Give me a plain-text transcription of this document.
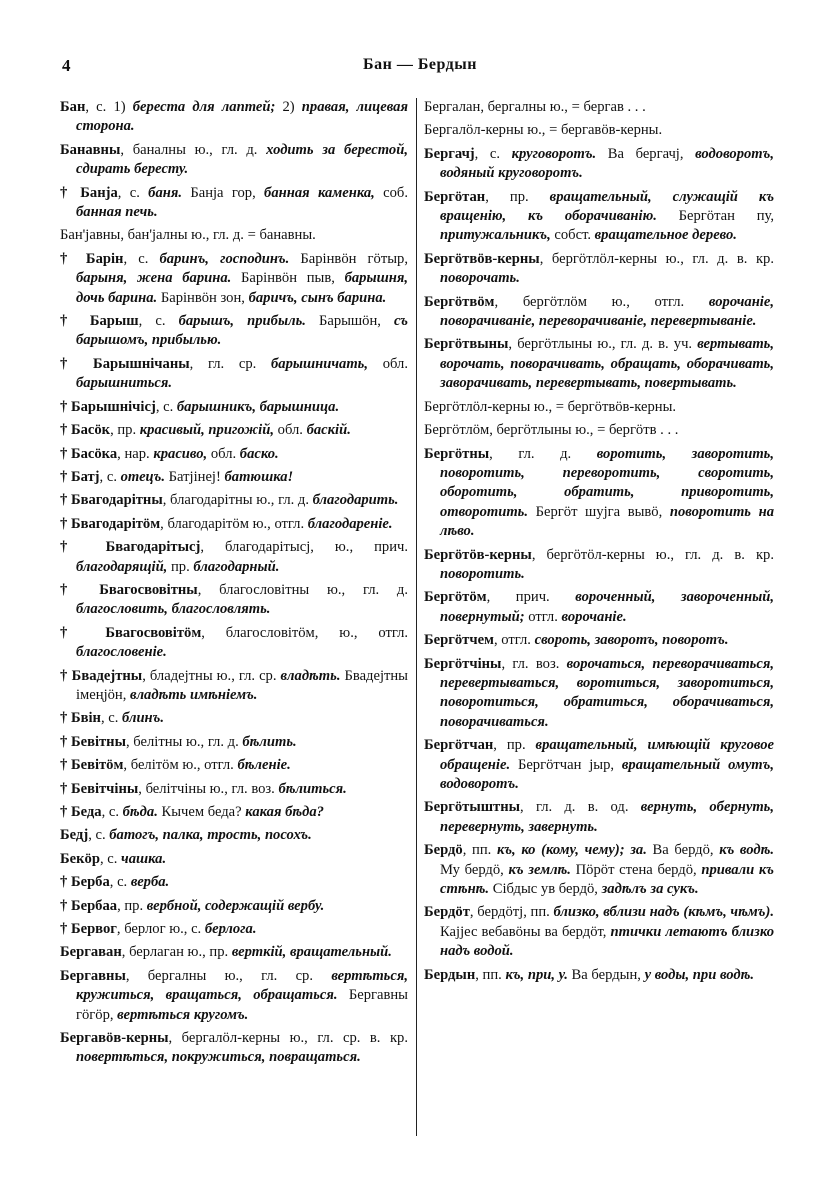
4	Бан — Бердын

Бан, с. 1) береста для лаптей; 2) правая, лицевая сторона.

Банавны, баналны ю., гл. д. ходить за берестой, сдирать бересту.

† Банја, с. баня. Банја гор, банная каменка, соб. банная печь.

Бан'јавны, бан'јалны ю., гл. д. = банавны.

† Барін, с. баринъ, господинъ. Барінвöн гöтыр, барыня, жена барина. Барінвöн пыв, барышня, дочь барина. Барінвöн зон, баричъ, сынъ барина.

† Барыш, с. барышъ, прибыль. Барышöн, съ барышомъ, прибылью.

† Барышнічаны, гл. ср. барышничать, обл. барышниться.

† Барышнічісј, с. барышникъ, барышница.

† Басöк, пр. красивый, пригожій, обл. баскій.

† Басöка, нар. красиво, обл. баско.

† Батј, с. отецъ. Батјінеј! батюшка!

† Бвагодарітны, благодарітны ю., гл. д. благодарить.

† Бвагодарітöм, благодарітöм ю., отгл. благодареніе.

† Бвагодарітысј, благодарітысј, ю., прич. благодарящій, пр. благодарный.

† Бвагосвовітны, благословітны ю., гл. д. благословить, благословлять.

† Бвагосвовітöм, благословітöм, ю., отгл. благословеніе.

† Бвадејтны, бладејтны ю., гл. ср. владѣть. Бвадејтны імеңјöн, владѣть имѣніемъ.

† Бвін, с. блинъ.

† Бевітны, белітны ю., гл. д. бѣлить.

† Бевітöм, белітöм ю., отгл. бѣленіе.

† Бевітчіны, белітчіны ю., гл. воз. бѣлиться.

† Беда, с. бѣда. Кычем беда? какая бѣда?

Бедј, с. батогъ, палка, трость, посохъ.

Бекöр, с. чашка.

† Берба, с. верба.

† Бербаа, пр. вербной, содержащій вербу.

† Бервог, берлог ю., с. берлога.

Бергаван, берлаган ю., пр. верткій, вращательный.

Бергавны, бергалны ю., гл. ср. вертѣться, кружиться, вращаться, обращаться. Бергавны гöгöр, вертѣться кругомъ.

Бергавöв-керны, бергалöл-керны ю., гл. ср. в. кр. повертѣться, покружиться, повращаться.

Бергалан, бергалны ю., = бергав . . .

Бергалöл-керны ю., = бергавöв-керны.

Бергачј, с. круговоротъ. Ва бергачј, водоворотъ, водяный круговоротъ.

Бергöтан, пр. вращательный, служащій къ вращенію, къ оборачиванію. Бергöтан пу, притужальникъ, собст. вращательное дерево.

Бергöтвöв-керны, бергöтлöл-керны ю., гл. д. в. кр. поворочать.

Бергöтвöм, бергöтлöм ю., отгл. ворочаніе, поворачиваніе, переворачиваніе, перевертываніе.

Бергöтвыны, бергöтлыны ю., гл. д. в. уч. вертывать, ворочать, поворачивать, обращать, оборачивать, заворачивать, перевертывать, повертывать.

Бергöтлöл-керны ю., = бергöтвöв-керны.

Бергöтлöм, бергöтлыны ю., = бергöтв . . .

Бергöтны, гл. д. воротить, заворотить, поворотить, переворотить, своротить, оборотить, обратить, приворотить, отворотить. Бергöт шујга вывö, поворотить на лѣво.

Бергöтöв-керны, бергöтöл-керны ю., гл. д. в. кр. поворотить.

Бергöтöм, прич. вороченный, завороченный, повернутый; отгл. ворочаніе.

Бергöтчем, отгл. свороть, заворотъ, поворотъ.

Бергöтчіны, гл. воз. ворочаться, переворачиваться, перевертываться, воротиться, заворотиться, поворотиться, обратиться, оборачиваться, поворачиваться.

Бергöтчан, пр. вращательный, имѣющій круговое обращеніе. Бергöтчан јыр, вращательный омутъ, водоворотъ.

Бергöтыштны, гл. д. в. од. вернуть, обернуть, перевернуть, завернуть.

Бердö, пп. къ, ко (кому, чему); за. Ва бердö, къ водѣ. Му бердö, къ землѣ. Пöрöт стена бердö, привали къ стѣнѣ. Сібдыс ув бердö, задѣлъ за сукъ.

Бердöт, бердöтј, пп. близко, вблизи надъ (кѣмъ, чѣмъ). Кајјес вебавöны ва бердöт, птички летаютъ близко надъ водой.

Бердын, пп. къ, при, у. Ва бердын, у воды, при водѣ.
